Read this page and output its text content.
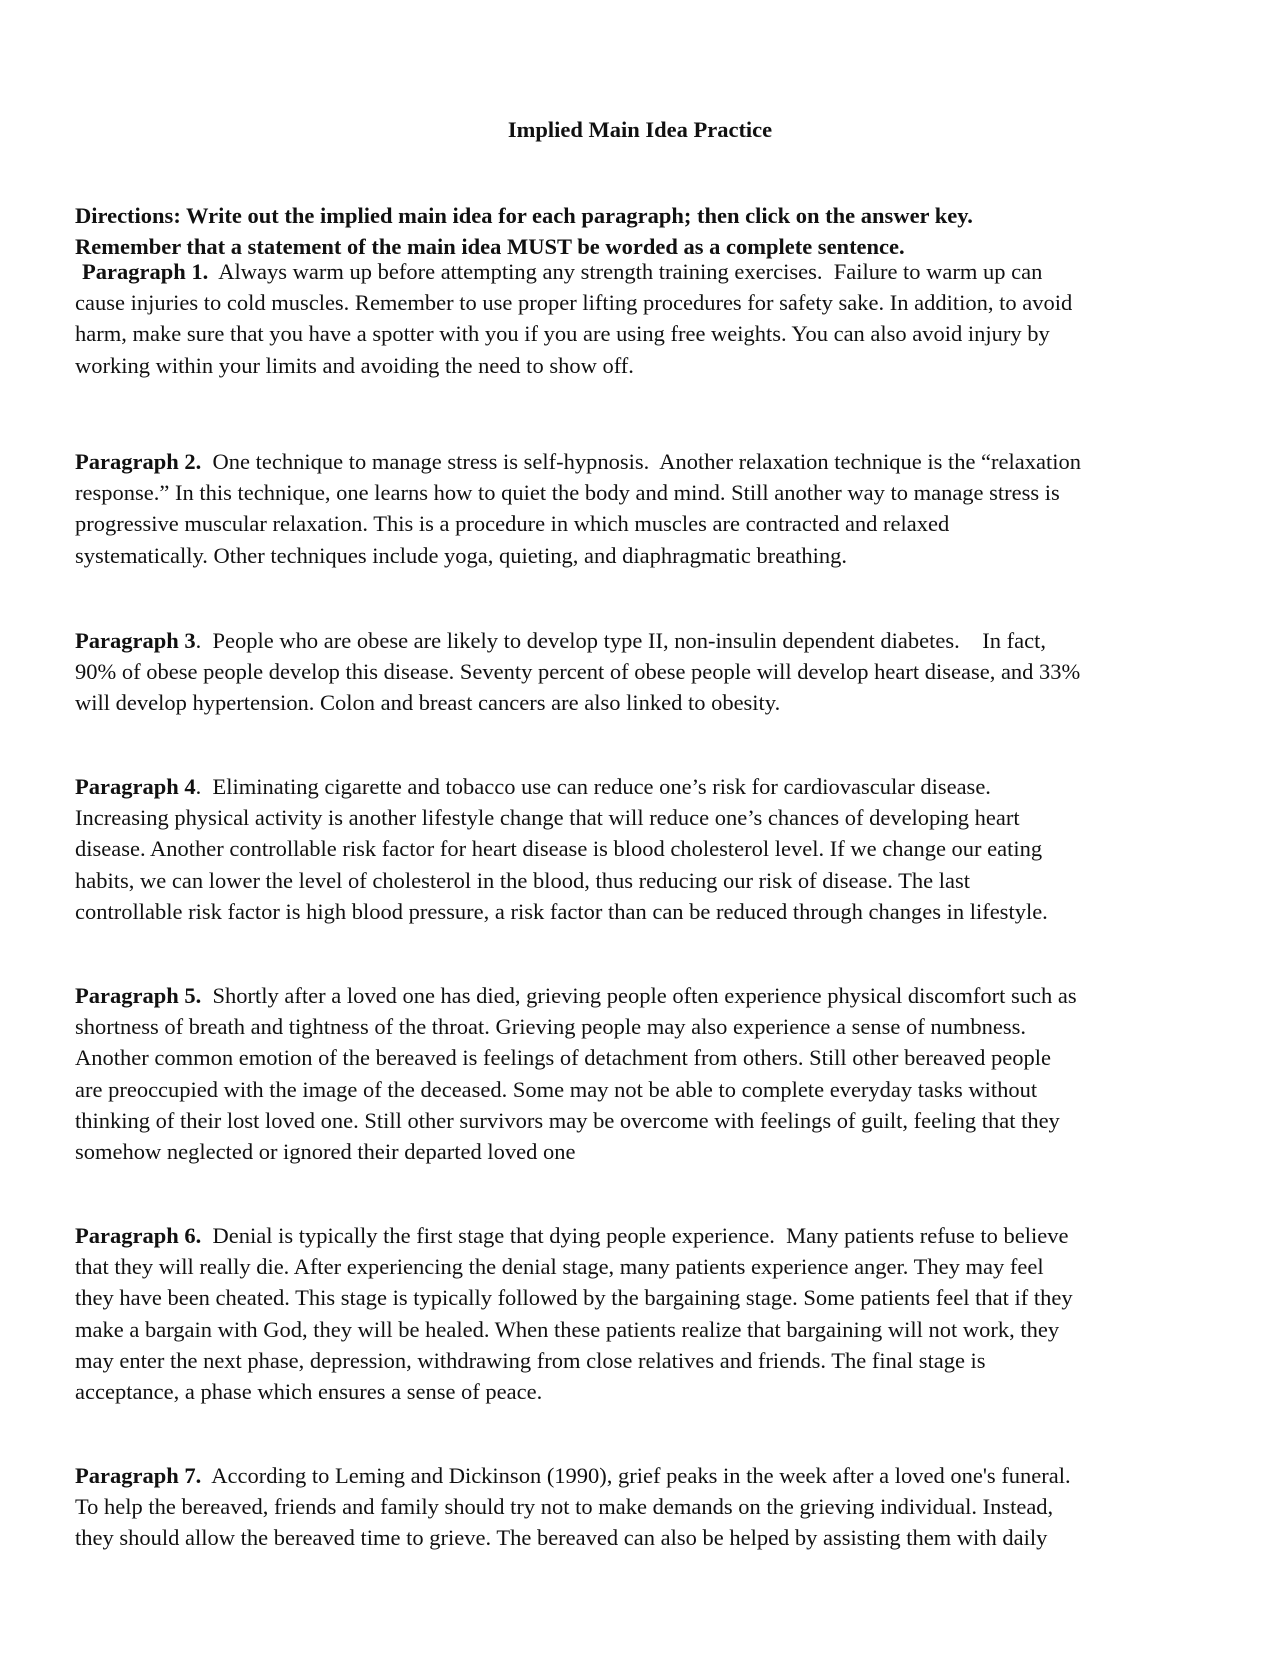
Implied Main Idea Practice
Directions: Write out the implied main idea for each paragraph; then click on the answer key.
Remember that a statement of the main idea MUST be worded as a complete sentence.
Paragraph 1.  Always warm up before attempting any strength training exercises.  Failure to warm up can
cause injuries to cold muscles. Remember to use proper lifting procedures for safety sake. In addition, to avoid
harm, make sure that you have a spotter with you if you are using free weights. You can also avoid injury by
working within your limits and avoiding the need to show off.
Paragraph 2.  One technique to manage stress is self-hypnosis.  Another relaxation technique is the “relaxation
response.” In this technique, one learns how to quiet the body and mind. Still another way to manage stress is
progressive muscular relaxation. This is a procedure in which muscles are contracted and relaxed
systematically. Other techniques include yoga, quieting, and diaphragmatic breathing.
Paragraph 3.  People who are obese are likely to develop type II, non-insulin dependent diabetes.    In fact,
90% of obese people develop this disease. Seventy percent of obese people will develop heart disease, and 33%
will develop hypertension. Colon and breast cancers are also linked to obesity.
Paragraph 4.  Eliminating cigarette and tobacco use can reduce one’s risk for cardiovascular disease.
Increasing physical activity is another lifestyle change that will reduce one’s chances of developing heart
disease. Another controllable risk factor for heart disease is blood cholesterol level. If we change our eating
habits, we can lower the level of cholesterol in the blood, thus reducing our risk of disease. The last
controllable risk factor is high blood pressure, a risk factor than can be reduced through changes in lifestyle.
Paragraph 5.  Shortly after a loved one has died, grieving people often experience physical discomfort such as
shortness of breath and tightness of the throat. Grieving people may also experience a sense of numbness.
Another common emotion of the bereaved is feelings of detachment from others. Still other bereaved people
are preoccupied with the image of the deceased. Some may not be able to complete everyday tasks without
thinking of their lost loved one. Still other survivors may be overcome with feelings of guilt, feeling that they
somehow neglected or ignored their departed loved one
Paragraph 6.  Denial is typically the first stage that dying people experience.  Many patients refuse to believe
that they will really die. After experiencing the denial stage, many patients experience anger. They may feel
they have been cheated. This stage is typically followed by the bargaining stage. Some patients feel that if they
make a bargain with God, they will be healed. When these patients realize that bargaining will not work, they
may enter the next phase, depression, withdrawing from close relatives and friends. The final stage is
acceptance, a phase which ensures a sense of peace.
Paragraph 7.  According to Leming and Dickinson (1990), grief peaks in the week after a loved one's funeral.
To help the bereaved, friends and family should try not to make demands on the grieving individual. Instead,
they should allow the bereaved time to grieve. The bereaved can also be helped by assisting them with daily
